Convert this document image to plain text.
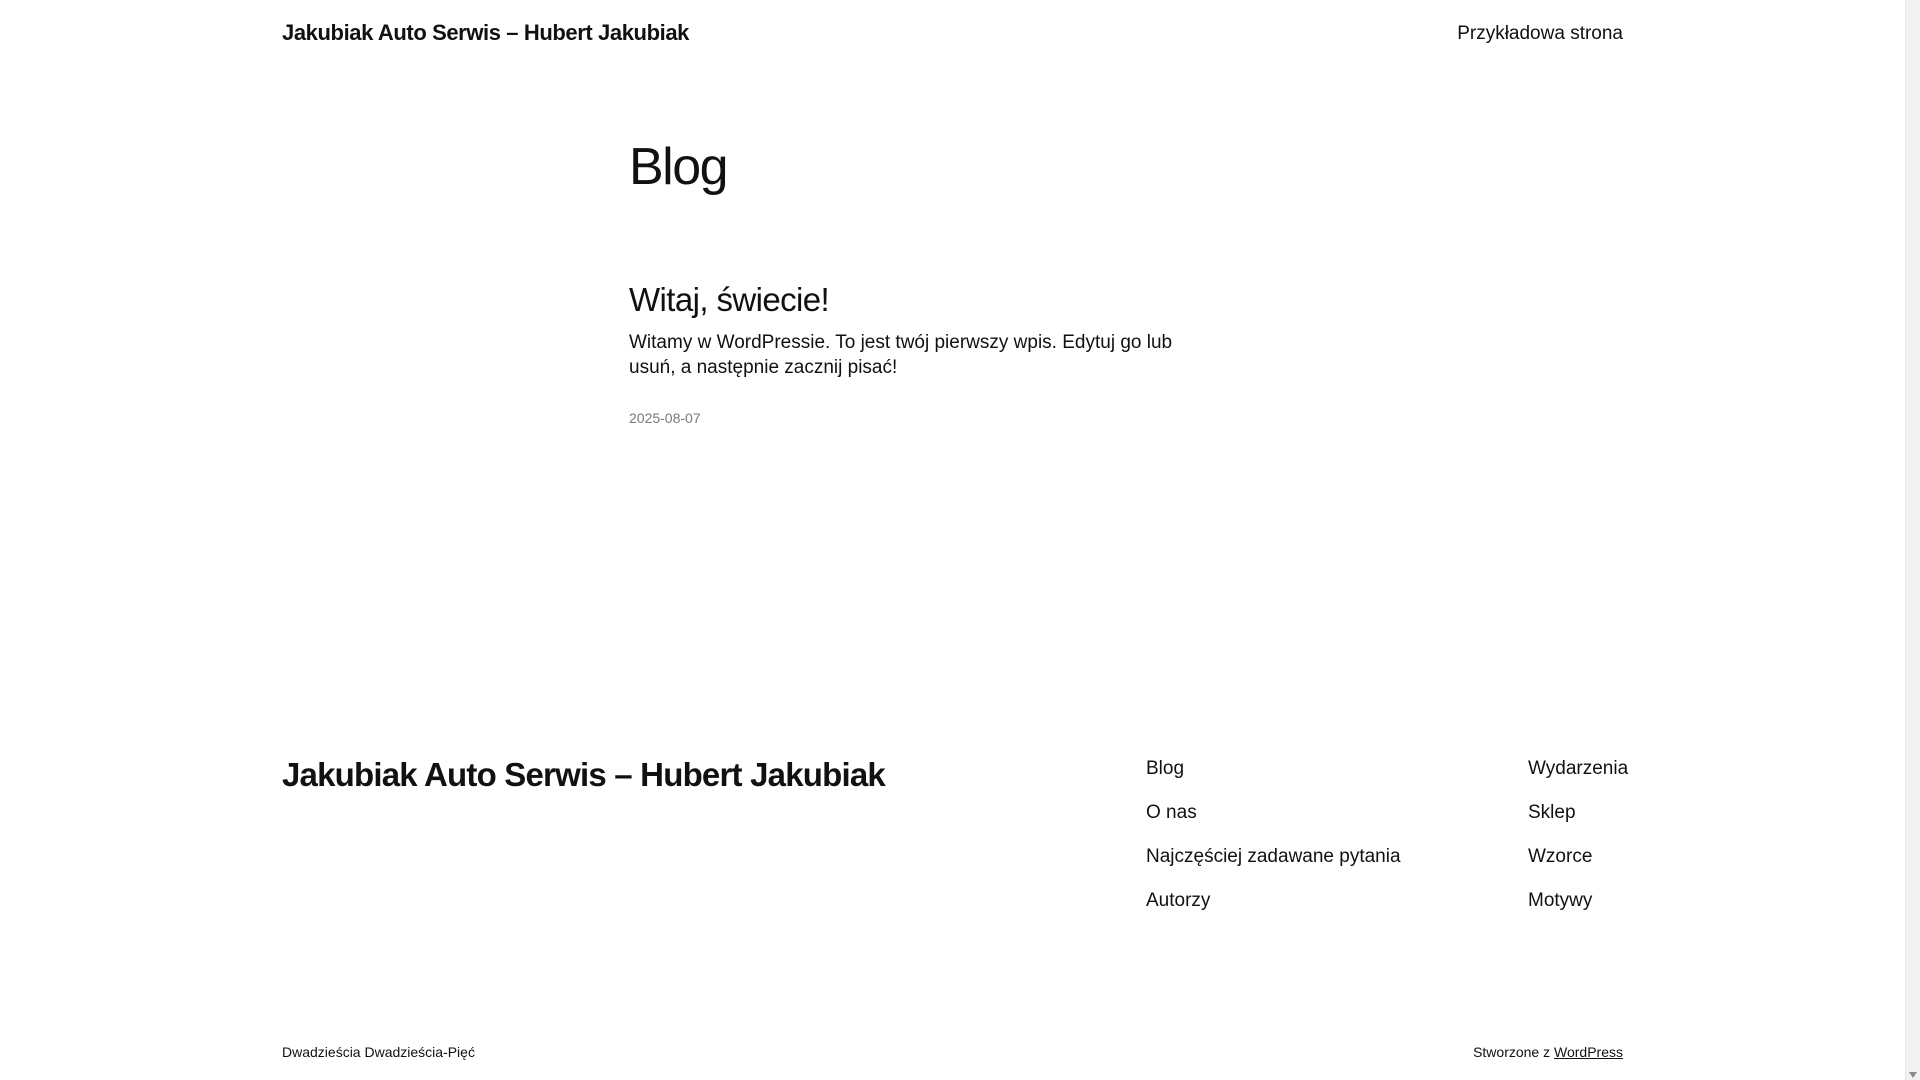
Jakubiak Auto Serwis – Hubert Jakubiak	Przykładowa strona
Blog
Witaj, świecie!

Witamy w WordPressie. To jest twój pierwszy wpis. Edytuj go lub usuń, a następnie zacznij pisać!

2025-08-07
Jakubiak Auto Serwis – Hubert Jakubiak	Blog
O nas
Najczęściej zadawane pytania
Autorzy
Wydarzenia
Sklep
Wzorce
Motywy
Dwadzieścia Dwadzieścia-Pięć	Stworzone z WordPress
